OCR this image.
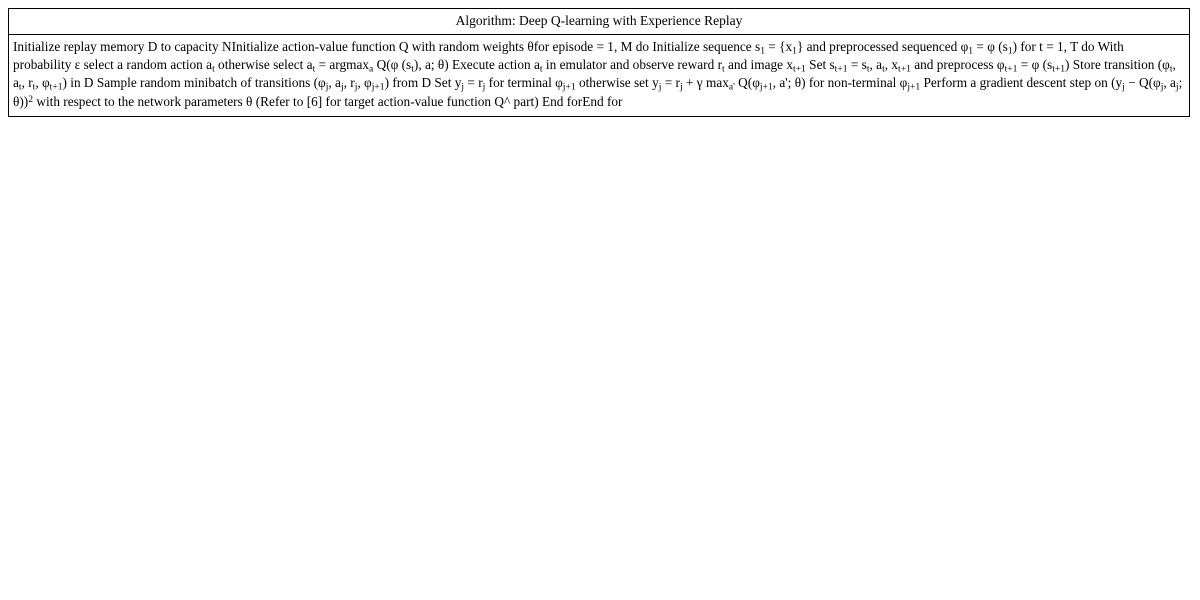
Algorithm: Deep Q-learning with Experience Replay
Initialize replay memory D to capacity NInitialize action-value function Q with random weights θfor episode = 1, M do Initialize sequence $s_1 = \{x_1\}$ and preprocessed sequenced $\varphi_1 = \varphi$ $(s_1)$ for t = 1, T do With probability ε select a random action $a_t$ otherwise select $a_t = argmax_a$ Q(φ $(s_t)$, a; θ) Execute action $a_t$ in emulator and observe reward $r_t$ and image $x_{t+1}$ Set $s_{t+1} = s_t$, $a_t$, $x_{t+1}$ and preprocess $\varphi_{t+1} = \varphi$ $(s_{t+1})$ Store transition ($\varphi_t$, $a_t$, $r_t$, $\varphi_{t+1}$) in D Sample random minibatch of transitions ($\varphi_j$, $a_j$, $r_j$, $\varphi_{j+1}$) from D Set $y_j = r_j$ for terminal $\varphi_{j+1}$ otherwise set $y_j = r_j + \gamma$ $\max_{a'} Q(\varphi_{j+1}$, a'; θ) for non-terminal $\varphi_{j+1}$ Perform a gradient descent step on ($y_j - Q(\varphi_j$, $a_j$; θ))$^2$ with respect to the network parameters θ (Refer to [6] for target action-value function Q^ part) End forEnd for
